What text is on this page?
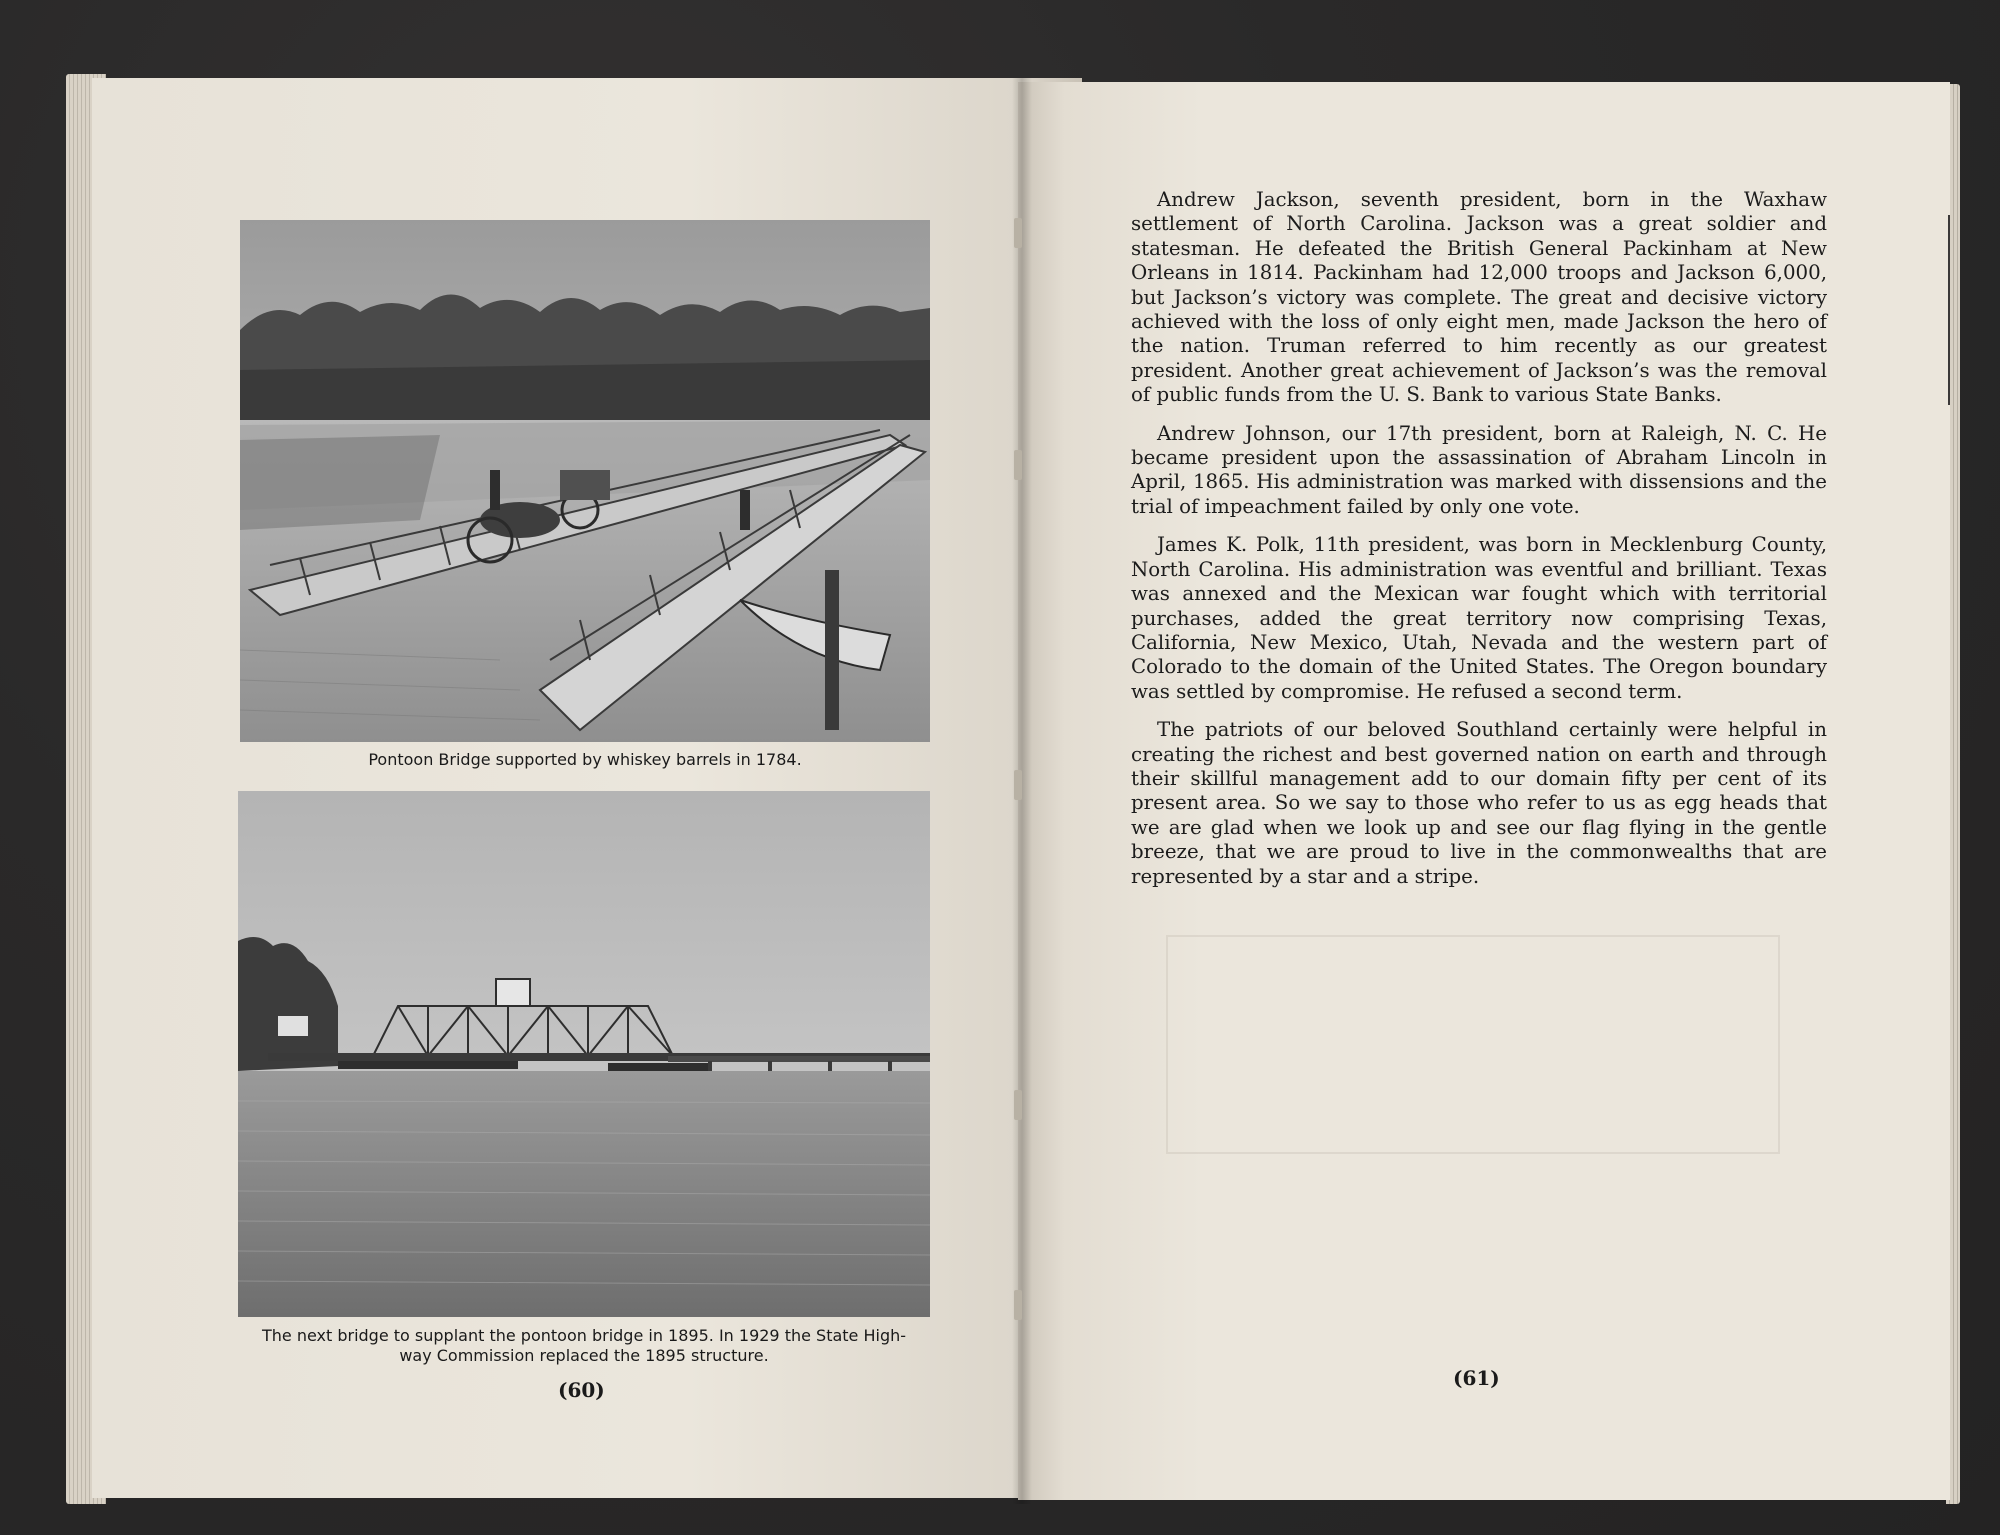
Pontoon Bridge supported by whiskey barrels in 1784.
The next bridge to supplant the pontoon bridge in 1895. In 1929 the State High-
way Commission replaced the 1895 structure.
(60)

Andrew Jackson, seventh president, born in the Waxhaw settlement of North Carolina. Jackson was a great soldier and statesman. He defeated the British General Packinham at New Orleans in 1814. Packinham had 12,000 troops and Jackson 6,000, but Jackson’s victory was complete. The great and decisive victory achieved with the loss of only eight men, made Jackson the hero of the nation. Truman referred to him recently as our greatest president. Another great achievement of Jackson’s was the removal of public funds from the U. S. Bank to various State Banks.

Andrew Johnson, our 17th president, born at Raleigh, N. C. He became president upon the assassination of Abraham Lincoln in April, 1865. His administration was marked with dissensions and the trial of impeachment failed by only one vote.

James K. Polk, 11th president, was born in Mecklenburg County, North Carolina. His administration was eventful and brilliant. Texas was annexed and the Mexican war fought which with territorial purchases, added the great territory now comprising Texas, California, New Mexico, Utah, Nevada and the western part of Colorado to the domain of the United States. The Oregon boundary was settled by compromise. He refused a second term.

The patriots of our beloved Southland certainly were helpful in creating the richest and best governed nation on earth and through their skillful management add to our domain fifty per cent of its present area. So we say to those who refer to us as egg heads that we are glad when we look up and see our flag flying in the gentle breeze, that we are proud to live in the commonwealths that are represented by a star and a stripe.

(61)
